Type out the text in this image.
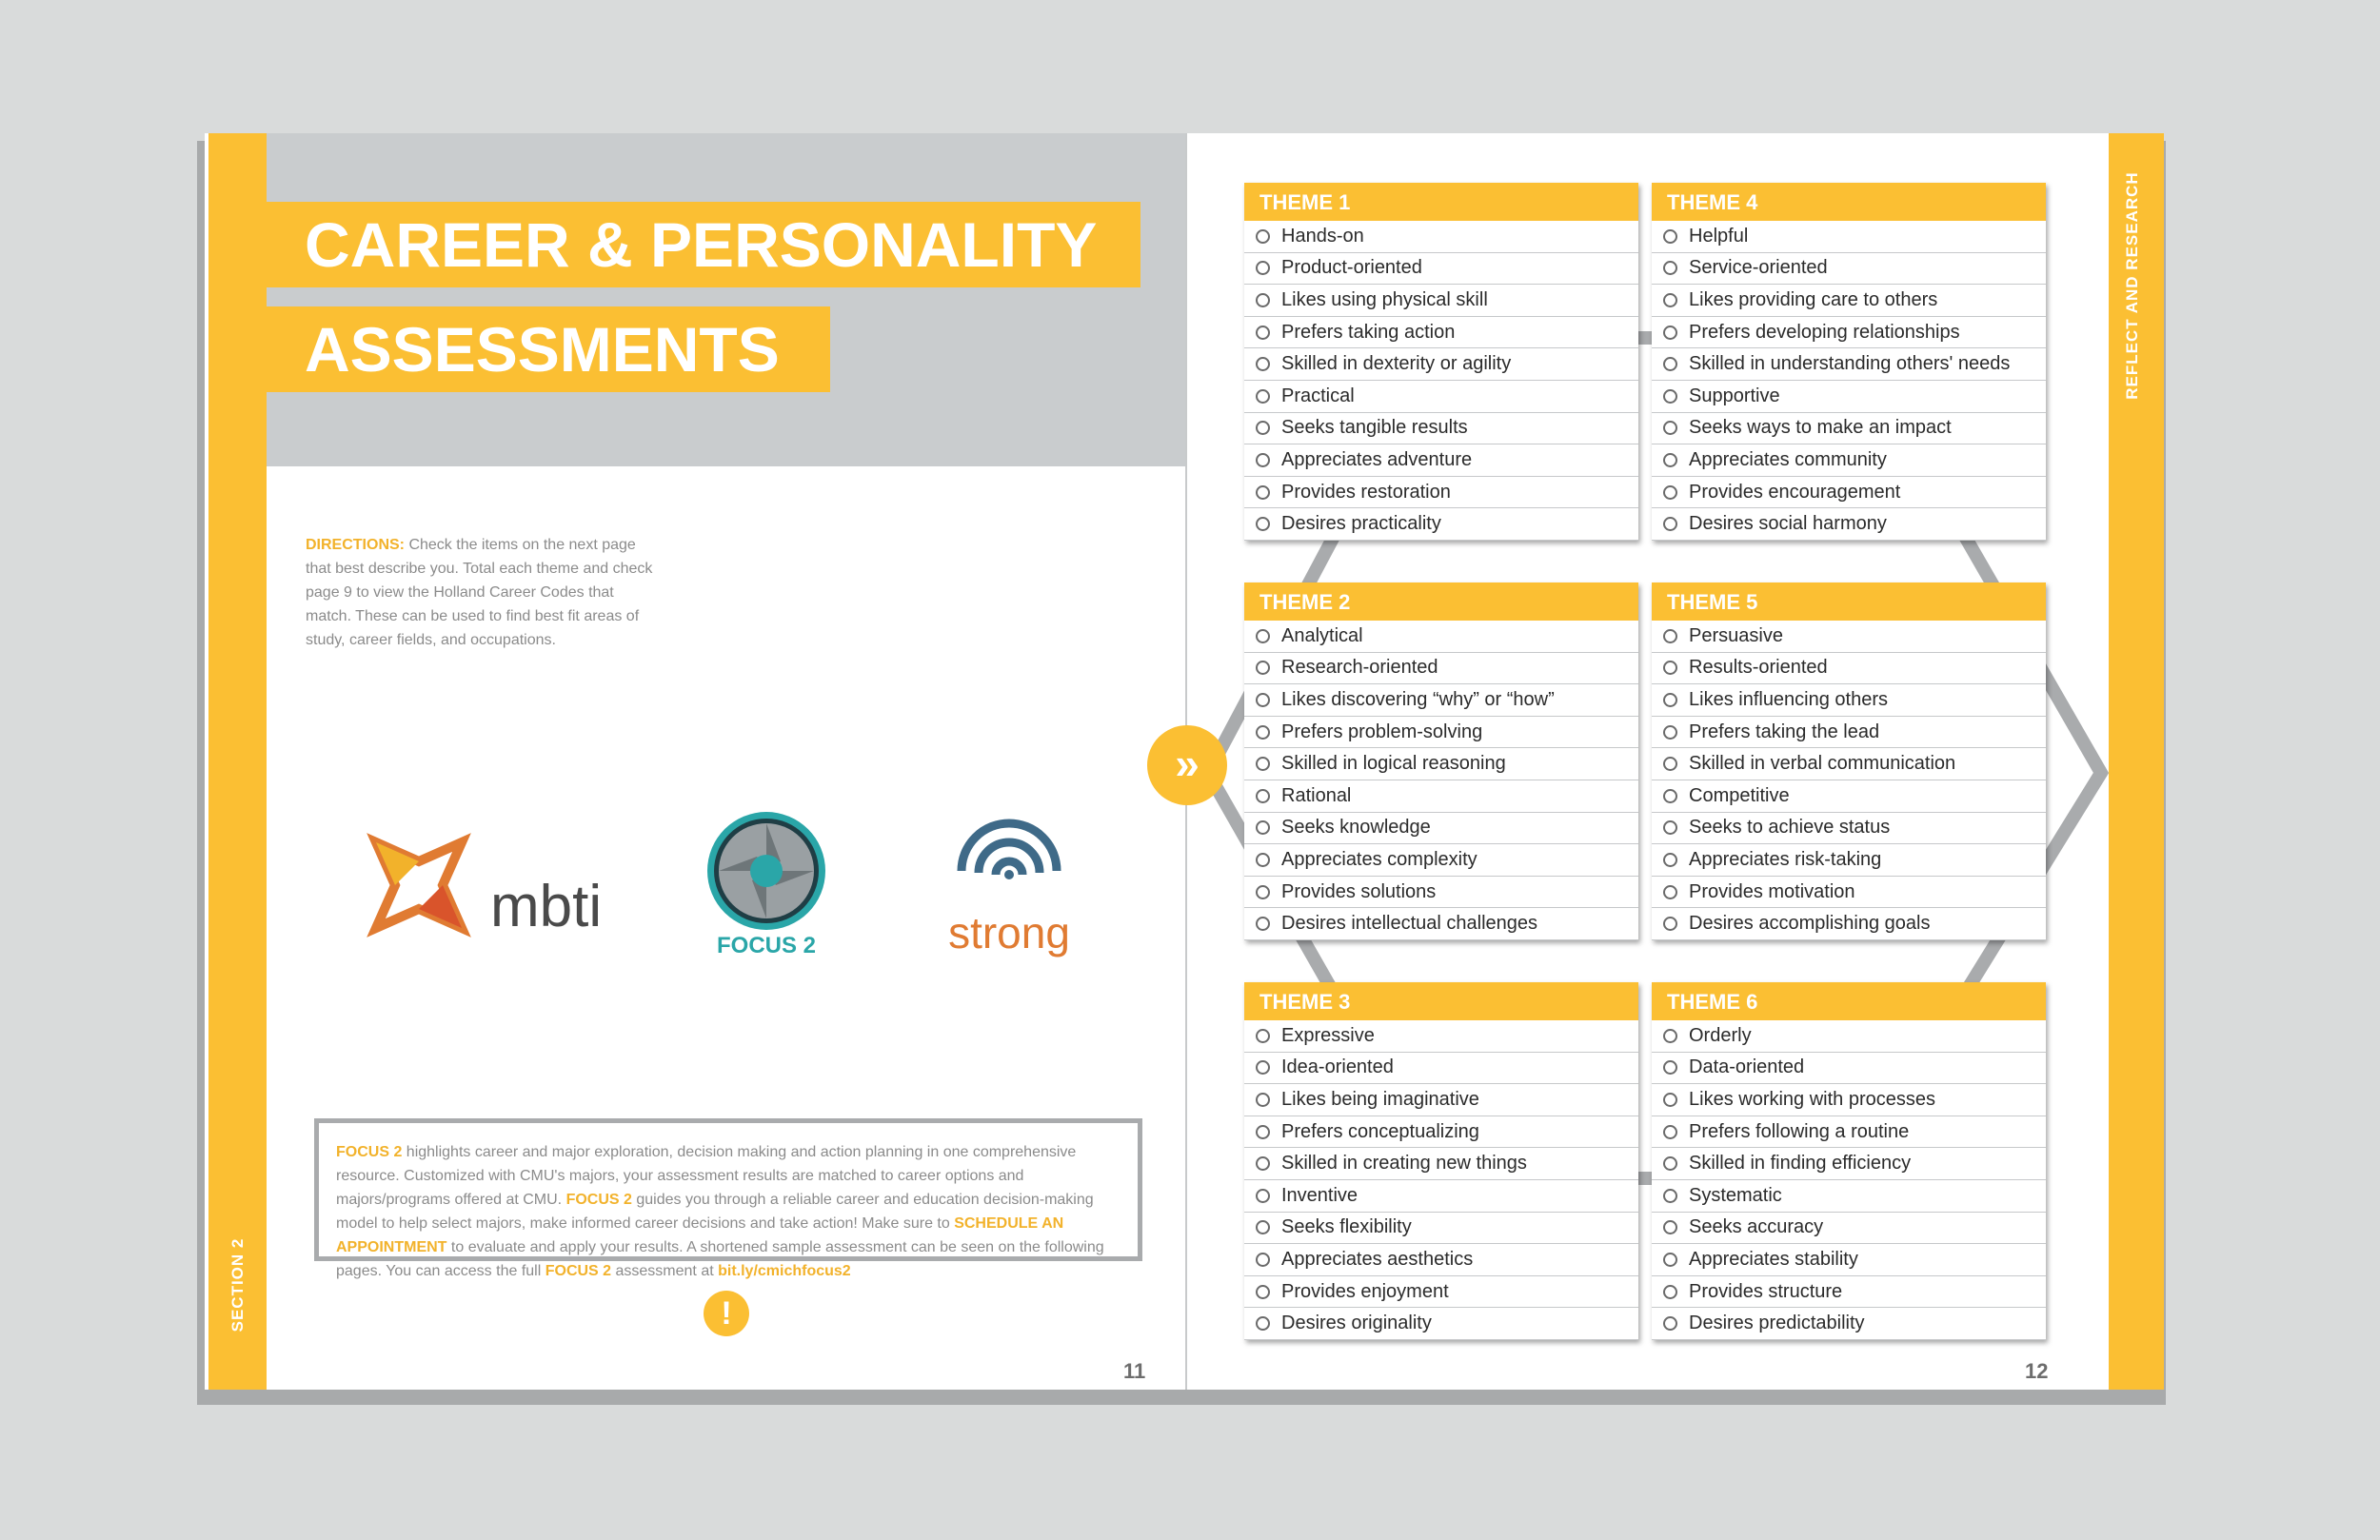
SECTION 2
CAREER & PERSONALITY
ASSESSMENTS
DIRECTIONS: Check the items on the next page that best describe you. Total each theme and check page 9 to view the Holland Career Codes that match. These can be used to find best fit areas of study, career fields, and occupations.
mbti
FOCUS 2	strong
FOCUS 2 highlights career and major exploration, decision making and action planning in one comprehensive resource. Customized with CMU's majors, your assessment results are matched to career options and majors/programs offered at CMU. FOCUS 2 guides you through a reliable career and education decision-making model to help select majors, make informed career decisions and take action! Make sure to SCHEDULE AN APPOINTMENT to evaluate and apply your results. A shortened sample assessment can be seen on the following pages. You can access the full FOCUS 2 assessment at bit.ly/cmichfocus2
!
11
»
THEME 1
Hands-on
Product-oriented
Likes using physical skill
Prefers taking action
Skilled in dexterity or agility
Practical
Seeks tangible results
Appreciates adventure
Provides restoration
Desires practicality
THEME 2
Analytical
Research-oriented
Likes discovering “why” or “how”
Prefers problem-solving
Skilled in logical reasoning
Rational
Seeks knowledge
Appreciates complexity
Provides solutions
Desires intellectual challenges
THEME 3
Expressive
Idea-oriented
Likes being imaginative
Prefers conceptualizing
Skilled in creating new things
Inventive
Seeks flexibility
Appreciates aesthetics
Provides enjoyment
Desires originality
THEME 4
Helpful
Service-oriented
Likes providing care to others
Prefers developing relationships
Skilled in understanding others' needs
Supportive
Seeks ways to make an impact
Appreciates community
Provides encouragement
Desires social harmony
THEME 5
Persuasive
Results-oriented
Likes influencing others
Prefers taking the lead
Skilled in verbal communication
Competitive
Seeks to achieve status
Appreciates risk-taking
Provides motivation
Desires accomplishing goals
THEME 6
Orderly
Data-oriented
Likes working with processes
Prefers following a routine
Skilled in finding efficiency
Systematic
Seeks accuracy
Appreciates stability
Provides structure
Desires predictability
REFLECT AND RESEARCH
12
